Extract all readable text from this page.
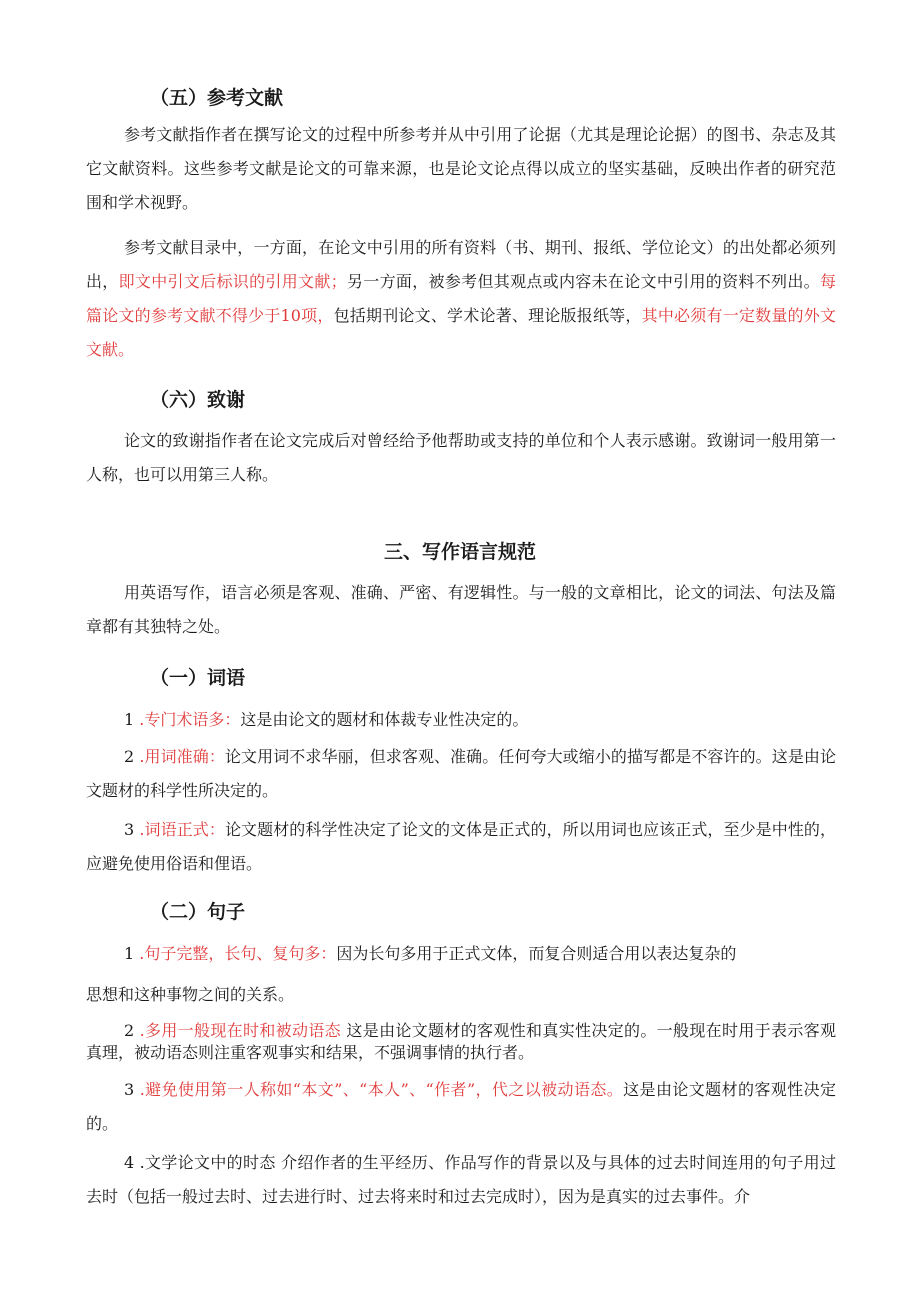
（五）参考文献

参考文献指作者在撰写论文的过程中所参考并从中引用了论据（尤其是理论论据）的图书、杂志及其它文献资料。这些参考文献是论文的可靠来源，也是论文论点得以成立的坚实基础，反映出作者的研究范围和学术视野。

参考文献目录中，一方面，在论文中引用的所有资料（书、期刊、报纸、学位论文）的出处都必须列出，即文中引文后标识的引用文献；另一方面，被参考但其观点或内容未在论文中引用的资料不列出。每篇论文的参考文献不得少于10项，包括期刊论文、学术论著、理论版报纸等，其中必须有一定数量的外文文献。

（六）致谢

论文的致谢指作者在论文完成后对曾经给予他帮助或支持的单位和个人表示感谢。致谢词一般用第一人称，也可以用第三人称。

三、写作语言规范

用英语写作，语言必须是客观、准确、严密、有逻辑性。与一般的文章相比，论文的词法、句法及篇章都有其独特之处。

（一）词语

1 .专门术语多：这是由论文的题材和体裁专业性决定的。

2 .用词准确：论文用词不求华丽，但求客观、准确。任何夸大或缩小的描写都是不容许的。这是由论文题材的科学性所决定的。

3 .词语正式：论文题材的科学性决定了论文的文体是正式的，所以用词也应该正式，至少是中性的，应避免使用俗语和俚语。

（二）句子

1 .句子完整，长句、复句多：因为长句多用于正式文体，而复合则适合用以表达复杂的

思想和这种事物之间的关系。

2 .多用一般现在时和被动语态 这是由论文题材的客观性和真实性决定的。一般现在时用于表示客观真理，被动语态则注重客观事实和结果，不强调事情的执行者。

3 .避免使用第一人称如“本文”、“本人”、“作者”，代之以被动语态。这是由论文题材的客观性决定的。

4 .文学论文中的时态 介绍作者的生平经历、作品写作的背景以及与具体的过去时间连用的句子用过去时（包括一般过去时、过去进行时、过去将来时和过去完成时），因为是真实的过去事件。介
